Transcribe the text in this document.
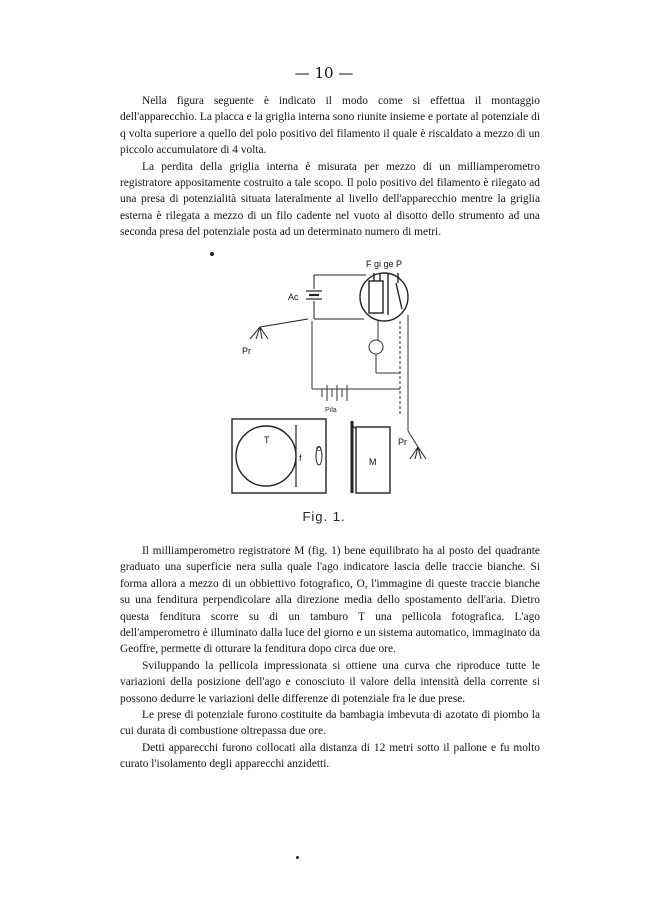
— 10 —

Nella figura seguente è indicato il modo come si effettua il montaggio dell'apparecchio. La placca e la griglia interna sono riunite insieme e portate al potenziale di q volta superiore a quello del polo positivo del filamento il quale è riscaldato a mezzo di un piccolo accumulatore di 4 volta.

La perdita della griglia interna è misurata per mezzo di un milliamperometro registratore appositamente costruito a tale scopo. Il polo positivo del filamento è rilegato ad una presa di potenzialità situata lateralmente al livello dell'apparecchio mentre la griglia esterna è rilegata a mezzo di un filo cadente nel vuoto al disotto dello strumento ad una seconda presa del potenziale posta ad un determinato numero di metri.

F gi ge P
Ac
Pr
Pila
Pr
T
f
O
M
Fig. 1.

Il milliamperometro registratore M (fig. 1) bene equilibrato ha al posto del quadrante graduato una superficie nera sulla quale l'ago indicatore lascia delle traccie bianche. Si forma allora a mezzo di un obbiettivo fotografico, O, l'immagine di queste traccie bianche su una fenditura perpendicolare alla direzione media dello spostamento dell'aria. Dietro questa fenditura scorre su di un tamburo T una pellicola fotografica. L'ago dell'amperometro è illuminato dalla luce del giorno e un sistema automatico, immaginato da Geoffre, permette di otturare la fenditura dopo circa due ore.

Sviluppando la pellicola impressionata si ottiene una curva che riproduce tutte le variazioni della posizione dell'ago e conosciuto il valore della intensità della corrente si possono dedurre le variazioni delle differenze di potenziale fra le due prese.

Le prese di potenziale furono costituite da bambagia imbevuta di azotato di piombo la cui durata di combustione oltrepassa due ore.

Detti apparecchi furono collocati alla distanza di 12 metri sotto il pallone e fu molto curato l'isolamento degli apparecchi anzidetti.
